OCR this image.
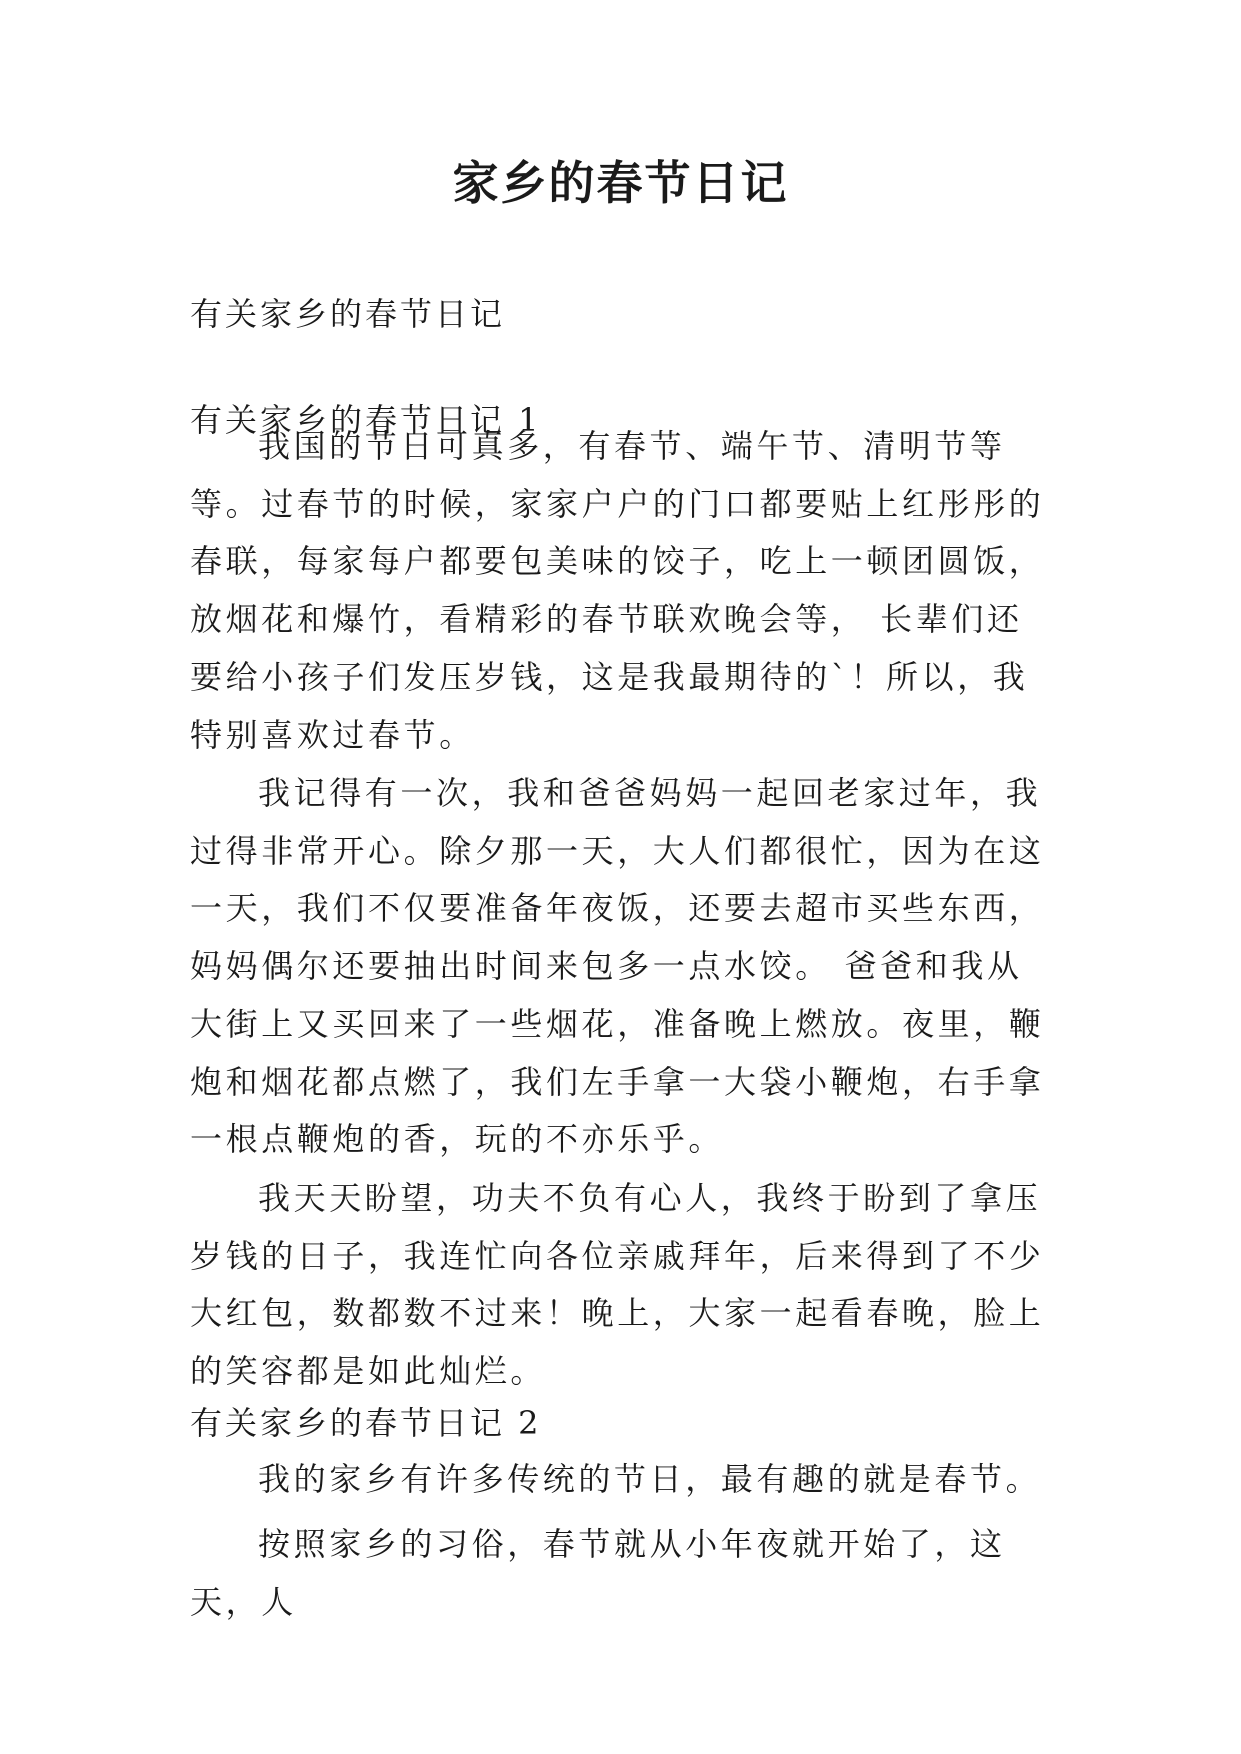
家乡的春节日记

有关家乡的春节日记

有关家乡的春节日记 1

我国的节日可真多，有春节、端午节、清明节等等。过春节的时候，家家户户的门口都要贴上红彤彤的春联，每家每户都要包美味的饺子，吃上一顿团圆饭，放烟花和爆竹，看精彩的春节联欢晚会等， 长辈们还要给小孩子们发压岁钱，这是我最期待的`！所以，我特别喜欢过春节。

我记得有一次，我和爸爸妈妈一起回老家过年，我过得非常开心。除夕那一天，大人们都很忙，因为在这一天，我们不仅要准备年夜饭，还要去超市买些东西，妈妈偶尔还要抽出时间来包多一点水饺。 爸爸和我从大街上又买回来了一些烟花，准备晚上燃放。夜里，鞭炮和烟花都点燃了，我们左手拿一大袋小鞭炮，右手拿一根点鞭炮的香，玩的不亦乐乎。

我天天盼望，功夫不负有心人，我终于盼到了拿压岁钱的日子，我连忙向各位亲戚拜年，后来得到了不少大红包，数都数不过来！晚上，大家一起看春晚，脸上的笑容都是如此灿烂。

有关家乡的春节日记 2

我的家乡有许多传统的节日，最有趣的就是春节。

按照家乡的习俗，春节就从小年夜就开始了，这天，人
